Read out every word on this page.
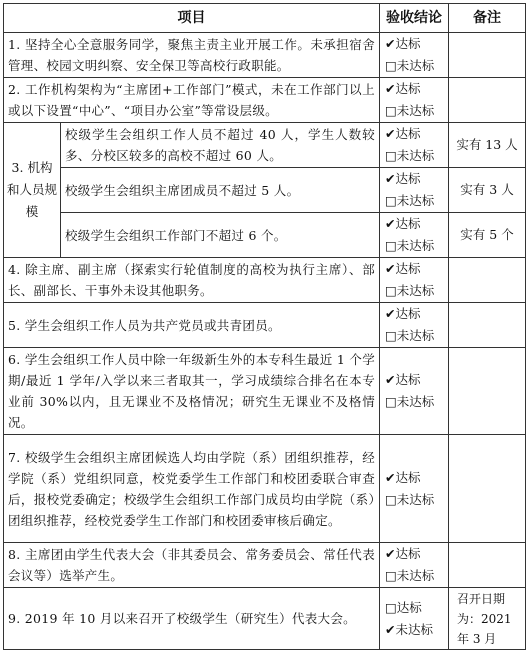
项目		验收结论	备注
1. 坚持全心全意服务同学，聚焦主责主业开展工作。未承担宿舍管理、校园文明纠察、安全保卫等高校行政职能。		✔达标
□未达标	

2. 工作机构架构为“主席团+工作部门”模式，未在工作部门以上或以下设置“中心”、“项目办公室”等常设层级。		✔达标
□未达标	

3. 机构和人员规模	校级学生会组织工作人员不超过 40 人，学生人数较多、分校区较多的高校不超过 60 人。	✔达标
□未达标	实有 13 人
	校级学生会组织主席团成员不超过 5 人。	✔达标
□未达标	实有 3 人
	校级学生会组织工作部门不超过 6 个。	✔达标
□未达标	实有 5 个
4. 除主席、副主席（探索实行轮值制度的高校为执行主席）、部长、副部长、干事外未设其他职务。		✔达标
□未达标	

5. 学生会组织工作人员为共产党员或共青团员。		✔达标
□未达标	

6. 学生会组织工作人员中除一年级新生外的本专科生最近 1 个学期/最近 1 学年/入学以来三者取其一，学习成绩综合排名在本专业前 30%以内，且无课业不及格情况；研究生无课业不及格情况。		✔达标
□未达标	

7. 校级学生会组织主席团候选人均由学院（系）团组织推荐，经学院（系）党组织同意，校党委学生工作部门和校团委联合审查后，报校党委确定；校级学生会组织工作部门成员均由学院（系）团组织推荐，经校党委学生工作部门和校团委审核后确定。		✔达标
□未达标	

8. 主席团由学生代表大会（非其委员会、常务委员会、常任代表会议等）选举产生。		✔达标
□未达标	

9. 2019 年 10 月以来召开了校级学生（研究生）代表大会。		□达标
✔未达标	召开日期为：2021年 3 月
